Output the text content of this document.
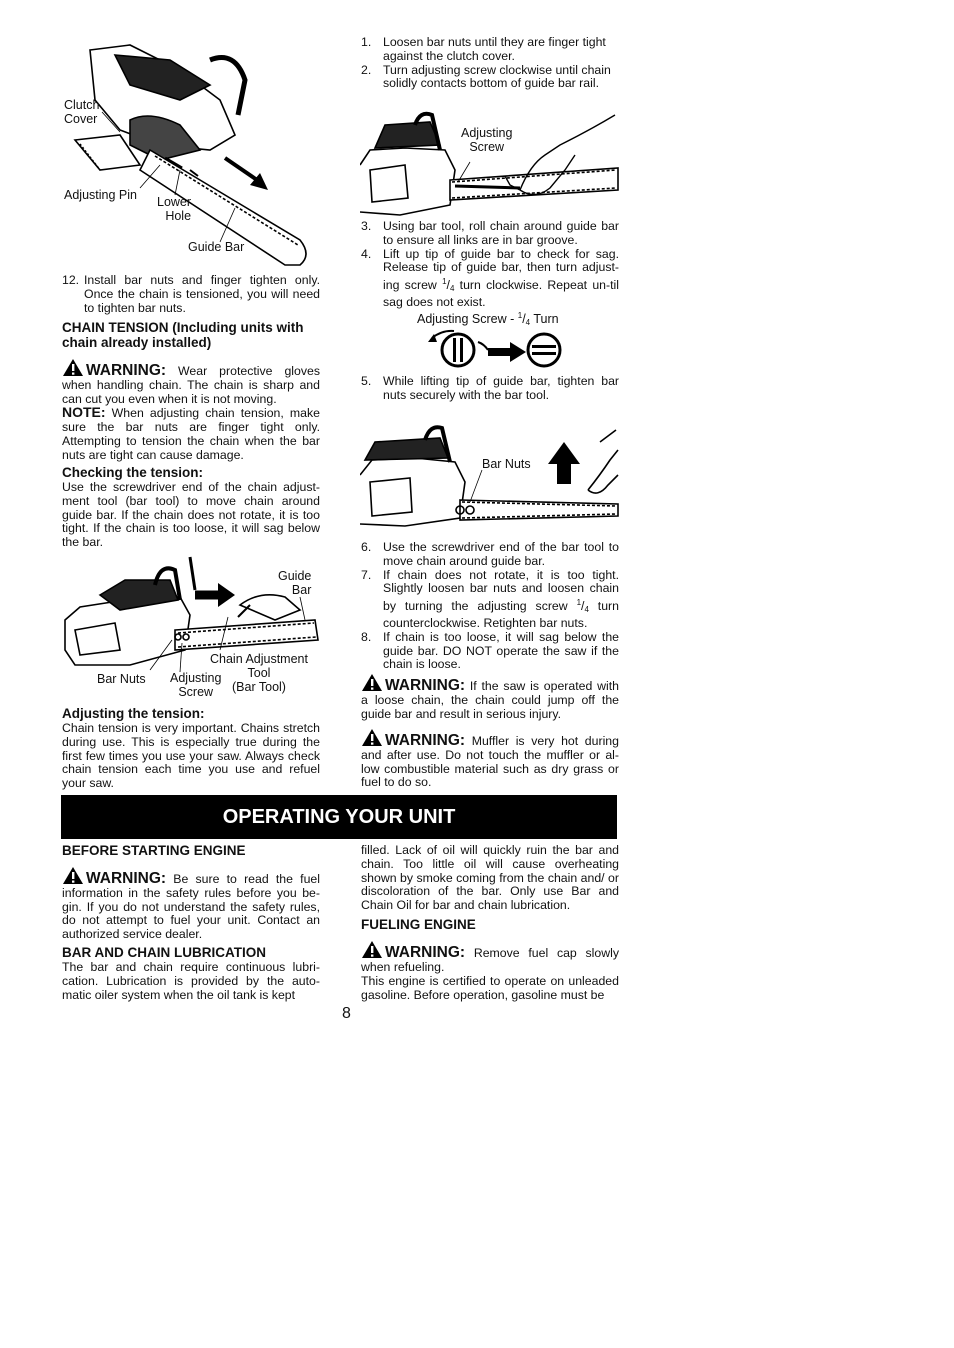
Clutch
Cover
Adjusting Pin Lower
Hole
Guide Bar
12. Install bar nuts and finger tighten only. Once the chain is tensioned, you will need to tighten bar nuts.
CHAIN TENSION (Including units with chain already installed)
WARNING: Wear protective gloves when handling chain. The chain is sharp and can cut you even when it is not moving.
NOTE: When adjusting chain tension, make sure the bar nuts are finger tight only. Attempting to tension the chain when the bar nuts are tight can cause damage.
Checking the tension:
Use the screwdriver end of the chain adjust-ment tool (bar tool) to move chain around guide bar. If the chain does not rotate, it is too tight. If the chain is too loose, it will sag below the bar.
Guide
Bar
Chain Adjustment
Tool
(Bar Tool)
Bar Nuts Adjusting
Screw
Adjusting the tension:
Chain tension is very important. Chains stretch during use. This is especially true during the first few times you use your saw. Always check chain tension each time you use and refuel your saw.
1. Loosen bar nuts until they are finger tight against the clutch cover.
2. Turn adjusting screw clockwise until chain solidly contacts bottom of guide bar rail.
Adjusting
Screw
3. Using bar tool, roll chain around guide bar to ensure all links are in bar groove.
4. Lift up tip of guide bar to check for sag. Release tip of guide bar, then turn adjust-ing screw $^1/_4$ turn clockwise. Repeat un-til sag does not exist.
Adjusting Screw - $^1/_4$ Turn
5. While lifting tip of guide bar, tighten bar nuts securely with the bar tool.
Bar Nuts
6. Use the screwdriver end of the bar tool to move chain around guide bar.
7. If chain does not rotate, it is too tight. Slightly loosen bar nuts and loosen chain by turning the adjusting screw $^1/_4$ turn counterclockwise. Retighten bar nuts.
8. If chain is too loose, it will sag below the guide bar. DO NOT operate the saw if the chain is loose.
WARNING: If the saw is operated with a loose chain, the chain could jump off the guide bar and result in serious injury.
WARNING: Muffler is very hot during and after use. Do not touch the muffler or al-low combustible material such as dry grass or fuel to do so.
OPERATING YOUR UNIT
BEFORE STARTING ENGINE
WARNING: Be sure to read the fuel information in the safety rules before you be-gin. If you do not understand the safety rules, do not attempt to fuel your unit. Contact an authorized service dealer.
BAR AND CHAIN LUBRICATION
The bar and chain require continuous lubri-cation. Lubrication is provided by the auto-matic oiler system when the oil tank is kept
filled. Lack of oil will quickly ruin the bar and chain. Too little oil will cause overheating shown by smoke coming from the chain and/ or discoloration of the bar. Only use Bar and Chain Oil for bar and chain lubrication.
FUELING ENGINE
WARNING: Remove fuel cap slowly when refueling.
This engine is certified to operate on unleaded gasoline. Before operation, gasoline must be
8
